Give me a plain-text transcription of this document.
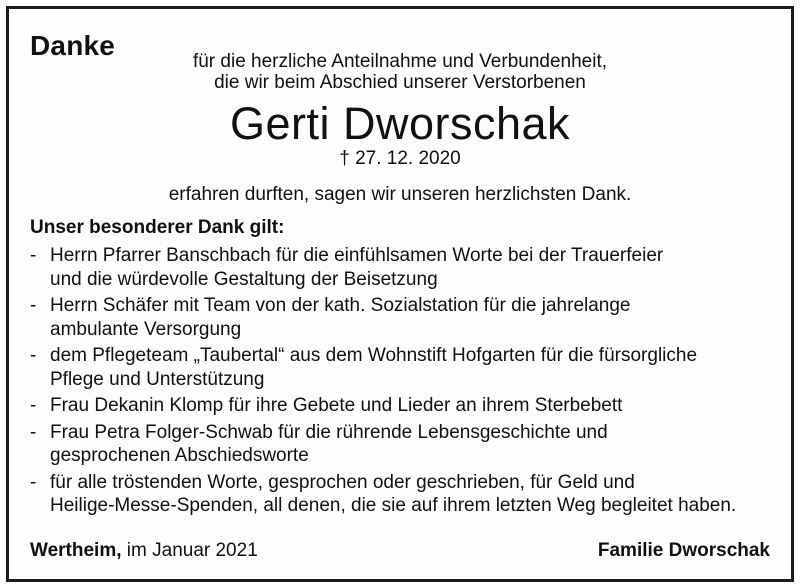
Danke
für die herzliche Anteilnahme und Verbundenheit,
die wir beim Abschied unserer Verstorbenen
Gerti Dworschak
† 27. 12. 2020
erfahren durften, sagen wir unseren herzlichsten Dank.
Unser besonderer Dank gilt:
- Herrn Pfarrer Banschbach für die einfühlsamen Worte bei der Trauerfeier
und die würdevolle Gestaltung der Beisetzung
- Herrn Schäfer mit Team von der kath. Sozialstation für die jahrelange
ambulante Versorgung
- dem Pflegeteam „Taubertal“ aus dem Wohnstift Hofgarten für die fürsorgliche
Pflege und Unterstützung
- Frau Dekanin Klomp für ihre Gebete und Lieder an ihrem Sterbebett
- Frau Petra Folger-Schwab für die rührende Lebensgeschichte und
gesprochenen Abschiedsworte
- für alle tröstenden Worte, gesprochen oder geschrieben, für Geld und
Heilige-Messe-Spenden, all denen, die sie auf ihrem letzten Weg begleitet haben.
Wertheim, im Januar 2021	Familie Dworschak
